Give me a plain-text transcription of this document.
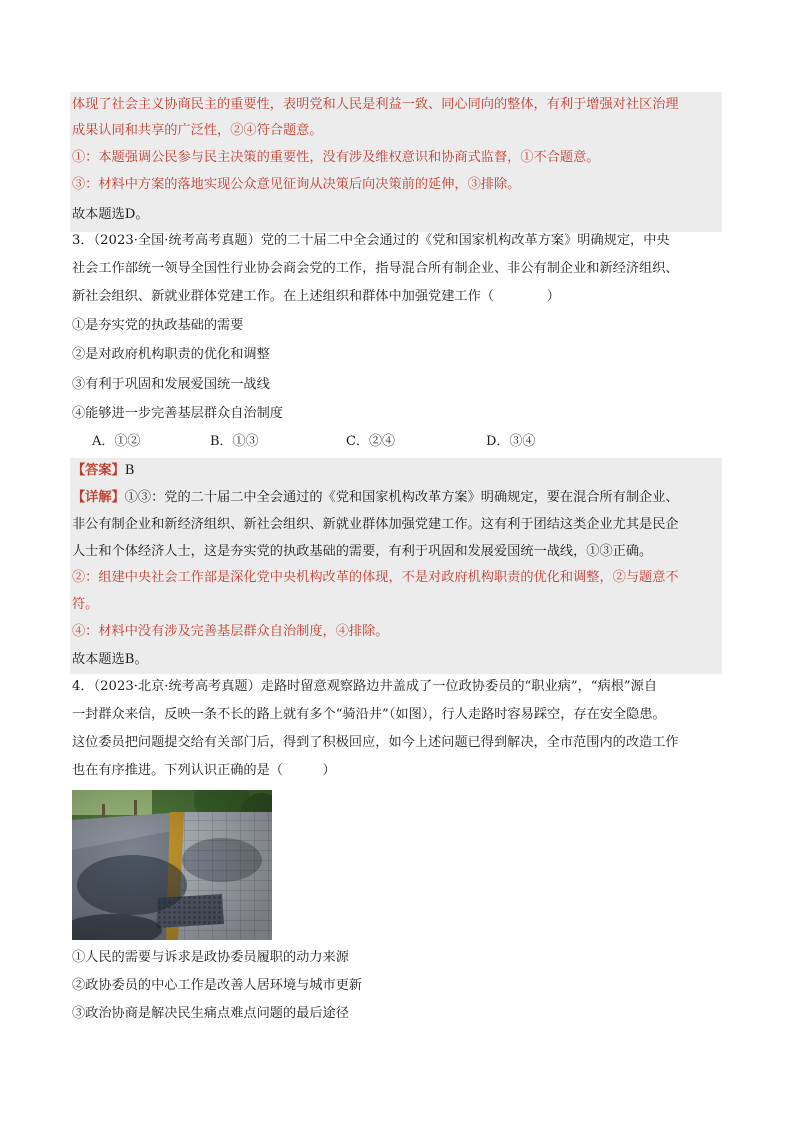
体现了社会主义协商民主的重要性，表明党和人民是利益一致、同心同向的整体，有利于增强对社区治理
成果认同和共享的广泛性，②④符合题意。
①：本题强调公民参与民主决策的重要性，没有涉及维权意识和协商式监督，①不合题意。
③：材料中方案的落地实现公众意见征询从决策后向决策前的延伸，③排除。
故本题选D。
3．（2023·全国·统考高考真题）党的二十届二中全会通过的《党和国家机构改革方案》明确规定，中央
社会工作部统一领导全国性行业协会商会党的工作，指导混合所有制企业、非公有制企业和新经济组织、
新社会组织、新就业群体党建工作。在上述组织和群体中加强党建工作（　　　　）
①是夯实党的执政基础的需要
②是对政府机构职责的优化和调整
③有利于巩固和发展爱国统一战线
④能够进一步完善基层群众自治制度
A．①②	B．①③	C．②④	D．③④
【答案】B
【详解】①③：党的二十届二中全会通过的《党和国家机构改革方案》明确规定，要在混合所有制企业、
非公有制企业和新经济组织、新社会组织、新就业群体加强党建工作。这有利于团结这类企业尤其是民企
人士和个体经济人士，这是夯实党的执政基础的需要，有利于巩固和发展爱国统一战线，①③正确。
②：组建中央社会工作部是深化党中央机构改革的体现，不是对政府机构职责的优化和调整，②与题意不
符。
④：材料中没有涉及完善基层群众自治制度，④排除。
故本题选B。
4．（2023·北京·统考高考真题）走路时留意观察路边井盖成了一位政协委员的“职业病”，“病根”源自
一封群众来信，反映一条不长的路上就有多个“骑沿井”（如图），行人走路时容易踩空，存在安全隐患。
这位委员把问题提交给有关部门后，得到了积极回应，如今上述问题已得到解决，全市范围内的改造工作
也在有序推进。下列认识正确的是（　　　）
①人民的需要与诉求是政协委员履职的动力来源
②政协委员的中心工作是改善人居环境与城市更新
③政治协商是解决民生痛点难点问题的最后途径
